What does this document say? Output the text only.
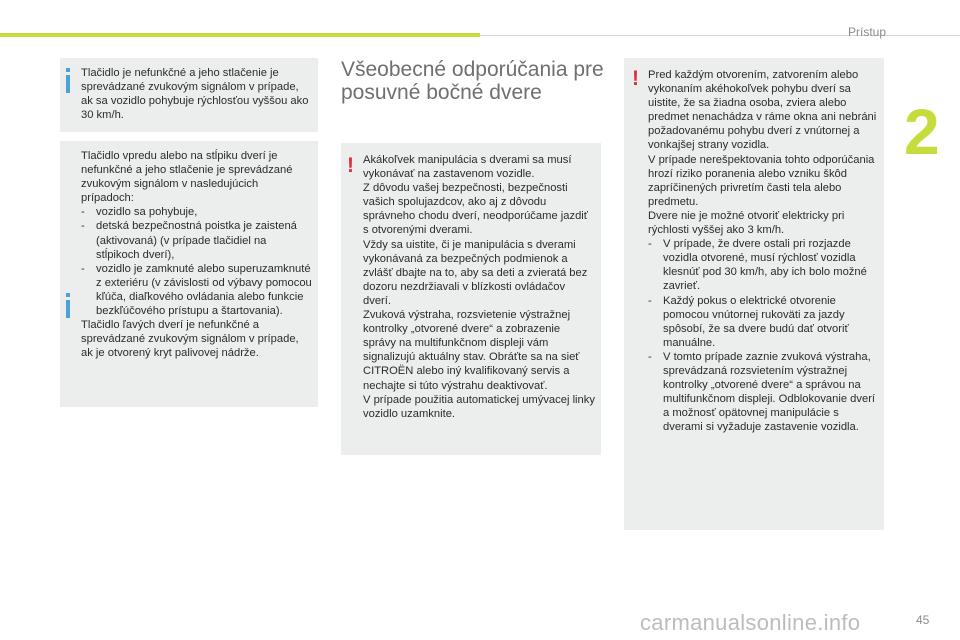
Prístup
2

Tlačidlo je nefunkčné a jeho stlačenie je sprevádzané zvukovým signálom v prípade, ak sa vozidlo pohybuje rýchlosťou vyššou ako 30 km/h.

Tlačidlo vpredu alebo na stĺpiku dverí je nefunkčné a jeho stlačenie je sprevádzané zvukovým signálom v nasledujúcich prípadoch:

- vozidlo sa pohybuje,
- detská bezpečnostná poistka je zaistená (aktivovaná) (v prípade tlačidiel na stĺpikoch dverí),
- vozidlo je zamknuté alebo superuzamknuté z exteriéru (v závislosti od výbavy pomocou kľúča, diaľkového ovládania alebo funkcie bezkľúčového prístupu a štartovania).

Tlačidlo ľavých dverí je nefunkčné a sprevádzané zvukovým signálom v prípade, ak je otvorený kryt palivovej nádrže.

Všeobecné odporúčania pre posuvné bočné dvere
! Akákoľvek manipulácia s dverami sa musí vykonávať na zastavenom vozidle.

Z dôvodu vašej bezpečnosti, bezpečnosti vašich spolujazdcov, ako aj z dôvodu správneho chodu dverí, neodporúčame jazdiť s otvorenými dverami.

Vždy sa uistite, či je manipulácia s dverami vykonávaná za bezpečných podmienok a zvlášť dbajte na to, aby sa deti a zvieratá bez dozoru nezdržiavali v blízkosti ovládačov dverí.

Zvuková výstraha, rozsvietenie výstražnej kontrolky „otvorené dvere“ a zobrazenie správy na multifunkčnom displeji vám signalizujú aktuálny stav. Obráťte sa na sieť CITROËN alebo iný kvalifikovaný servis a nechajte si túto výstrahu deaktivovať.

V prípade použitia automatickej umývacej linky vozidlo uzamknite.

! Pred každým otvorením, zatvorením alebo vykonaním akéhokoľvek pohybu dverí sa uistite, že sa žiadna osoba, zviera alebo predmet nenachádza v ráme okna ani nebráni požadovanému pohybu dverí z vnútornej a vonkajšej strany vozidla.

V prípade nerešpektovania tohto odporúčania hrozí riziko poranenia alebo vzniku škôd zapríčinených privretím časti tela alebo predmetu.

Dvere nie je možné otvoriť elektricky pri rýchlosti vyššej ako 3 km/h.

- V prípade, že dvere ostali pri rozjazde vozidla otvorené, musí rýchlosť vozidla klesnúť pod 30 km/h, aby ich bolo možné zavrieť.
- Každý pokus o elektrické otvorenie pomocou vnútornej rukoväti za jazdy spôsobí, že sa dvere budú dať otvoriť manuálne.
- V tomto prípade zaznie zvuková výstraha, sprevádzaná rozsvietením výstražnej kontrolky „otvorené dvere“ a správou na multifunkčnom displeji. Odblokovanie dverí a možnosť opätovnej manipulácie s dverami si vyžaduje zastavenie vozidla.
carmanualsonline.info	45
